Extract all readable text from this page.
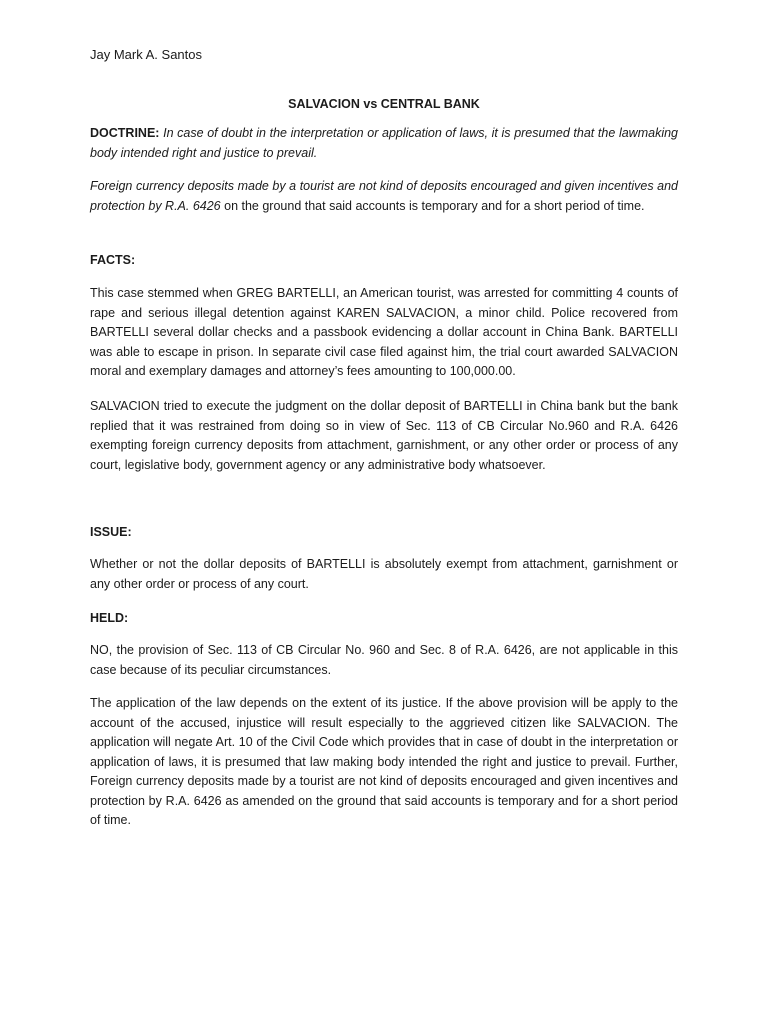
Jay Mark A. Santos
SALVACION vs CENTRAL BANK

DOCTRINE: In case of doubt in the interpretation or application of laws, it is presumed that the lawmaking body intended right and justice to prevail.

Foreign currency deposits made by a tourist are not kind of deposits encouraged and given incentives and protection by R.A. 6426 on the ground that said accounts is temporary and for a short period of time.

FACTS:

This case stemmed when GREG BARTELLI, an American tourist, was arrested for committing 4 counts of rape and serious illegal detention against KAREN SALVACION, a minor child. Police recovered from BARTELLI several dollar checks and a passbook evidencing a dollar account in China Bank. BARTELLI was able to escape in prison. In separate civil case filed against him, the trial court awarded SALVACION moral and exemplary damages and attorney’s fees amounting to 100,000.00.

SALVACION tried to execute the judgment on the dollar deposit of BARTELLI in China bank but the bank replied that it was restrained from doing so in view of Sec. 113 of CB Circular No.960 and R.A. 6426 exempting foreign currency deposits from attachment, garnishment, or any other order or process of any court, legislative body, government agency or any administrative body whatsoever.

ISSUE:

Whether or not the dollar deposits of BARTELLI is absolutely exempt from attachment, garnishment or any other order or process of any court.

HELD:

NO, the provision of Sec. 113 of CB Circular No. 960 and Sec. 8 of R.A. 6426, are not applicable in this case because of its peculiar circumstances.

The application of the law depends on the extent of its justice. If the above provision will be apply to the account of the accused, injustice will result especially to the aggrieved citizen like SALVACION. The application will negate Art. 10 of the Civil Code which provides that in case of doubt in the interpretation or application of laws, it is presumed that law making body intended the right and justice to prevail. Further, Foreign currency deposits made by a tourist are not kind of deposits encouraged and given incentives and protection by R.A. 6426 as amended on the ground that said accounts is temporary and for a short period of time.
